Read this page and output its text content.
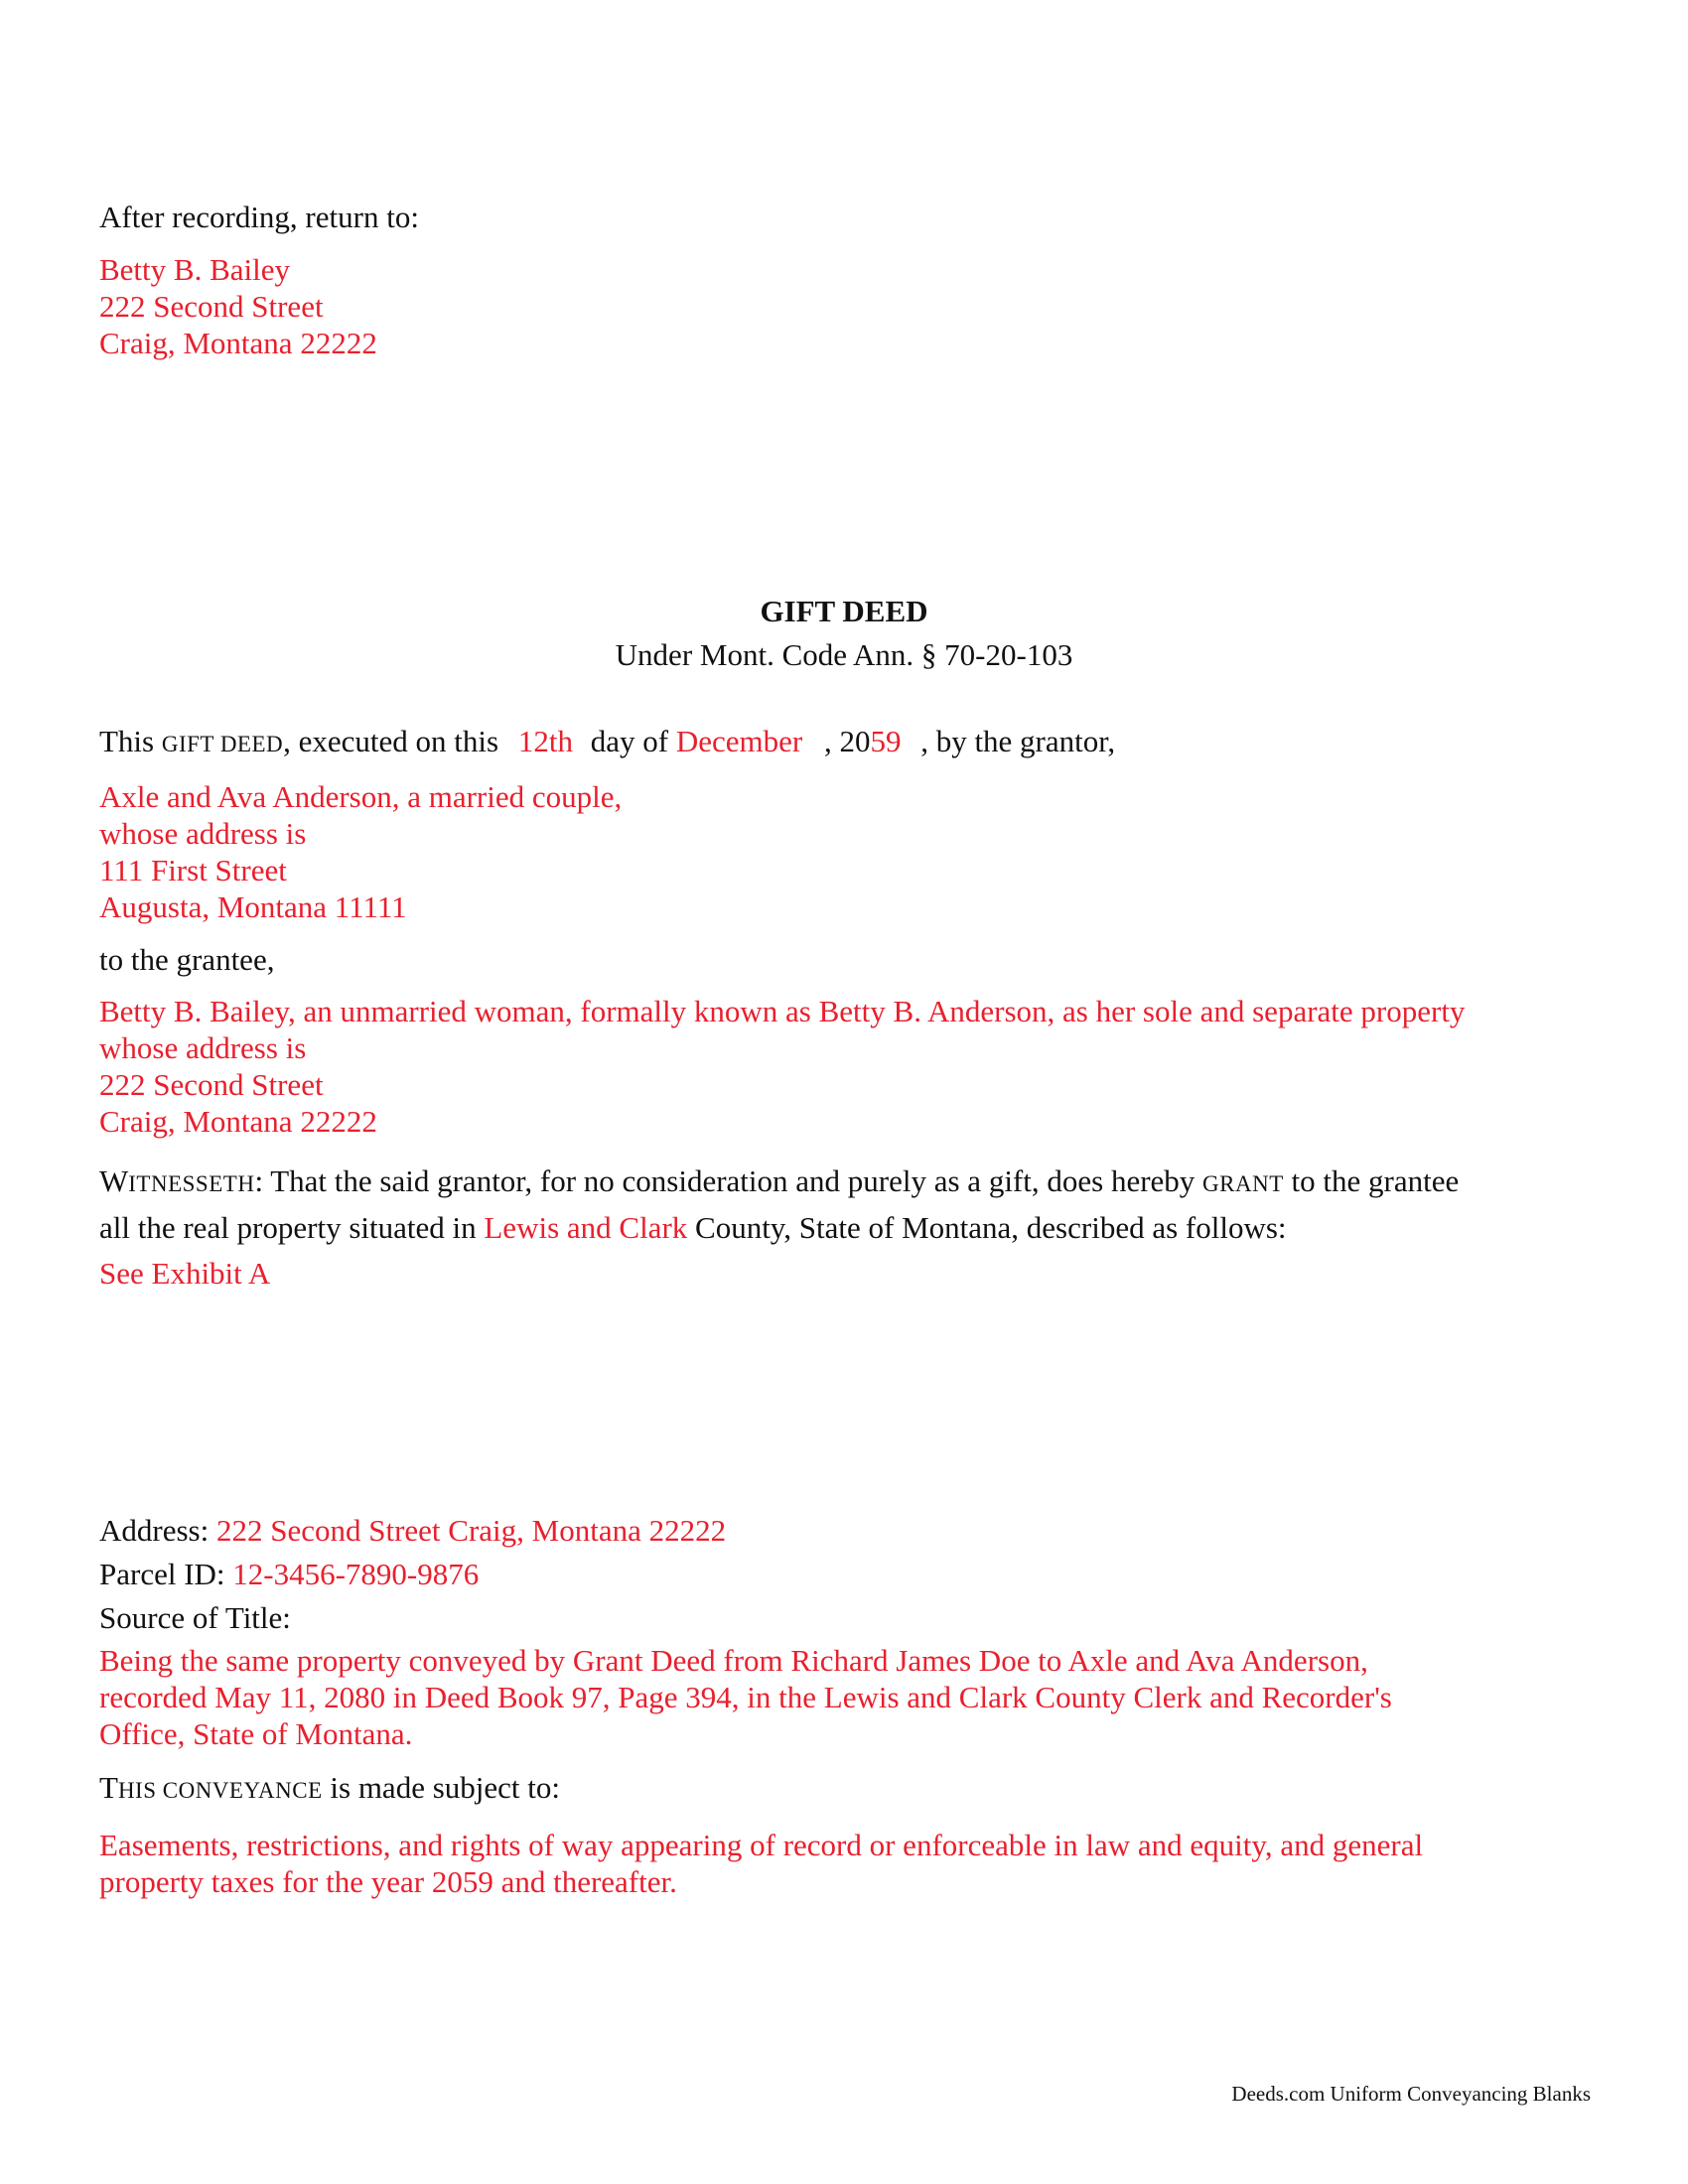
After recording, return to:
Betty B. Bailey
222 Second Street
Craig, Montana 22222
GIFT DEED
Under Mont. Code Ann. § 70-20-103
This GIFT DEED, executed on this 12th day of December , 2059 , by the grantor,
Axle and Ava Anderson, a married couple,
whose address is
111 First Street
Augusta, Montana 11111
to the grantee,
Betty B. Bailey, an unmarried woman, formally known as Betty B. Anderson, as her sole and separate property
whose address is
222 Second Street
Craig, Montana 22222
WITNESSETH: That the said grantor, for no consideration and purely as a gift, does hereby GRANT to the grantee
all the real property situated in Lewis and Clark County, State of Montana, described as follows:
See Exhibit A
Address: 222 Second Street Craig, Montana 22222
Parcel ID: 12-3456-7890-9876
Source of Title:
Being the same property conveyed by Grant Deed from Richard James Doe to Axle and Ava Anderson,
recorded May 11, 2080 in Deed Book 97, Page 394, in the Lewis and Clark County Clerk and Recorder's
Office, State of Montana.
THIS CONVEYANCE is made subject to:
Easements, restrictions, and rights of way appearing of record or enforceable in law and equity, and general
property taxes for the year 2059 and thereafter.
Deeds.com Uniform Conveyancing Blanks
